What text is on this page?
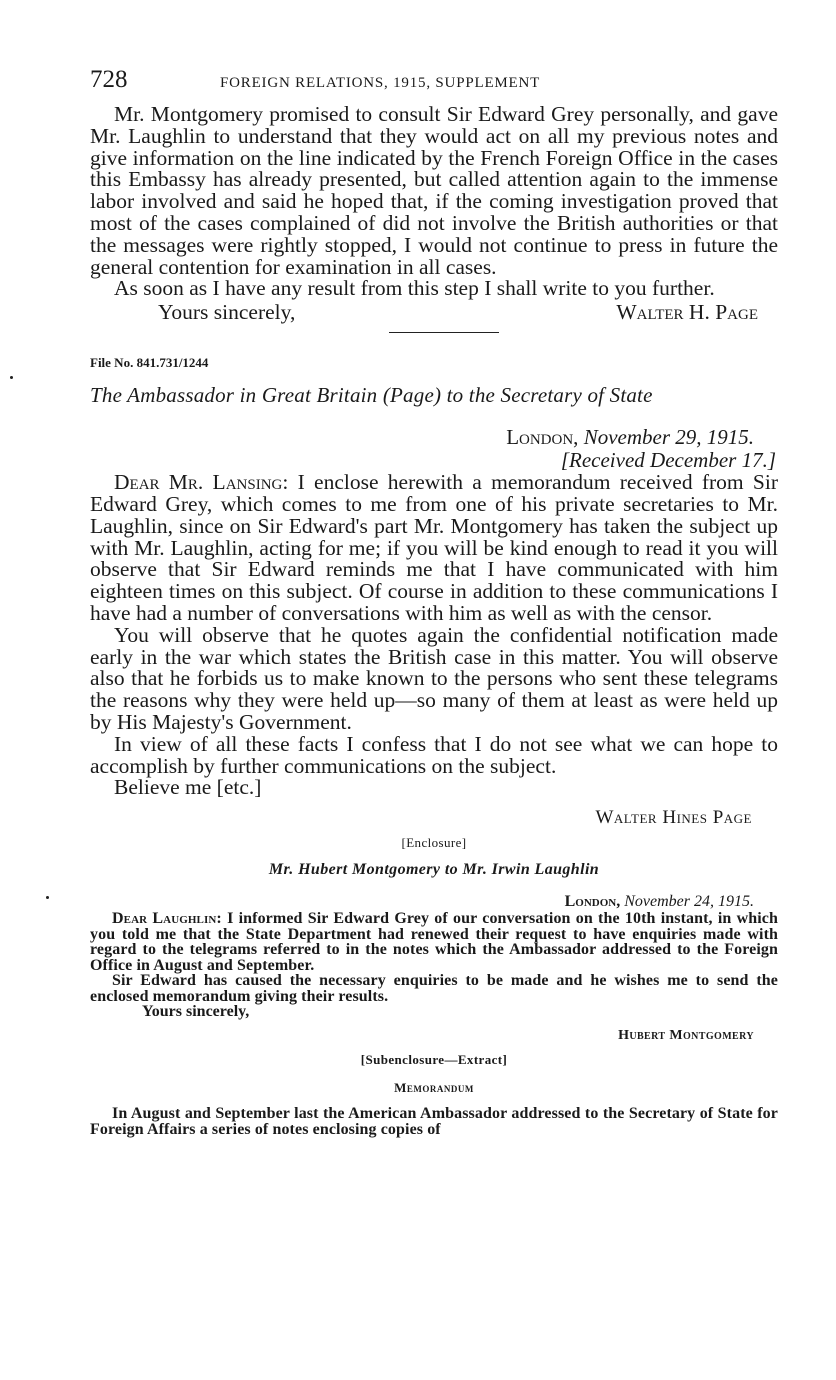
728	FOREIGN RELATIONS, 1915, SUPPLEMENT

Mr. Montgomery promised to consult Sir Edward Grey personally, and gave Mr. Laughlin to understand that they would act on all my previous notes and give information on the line indicated by the French Foreign Office in the cases this Embassy has already presented, but called attention again to the immense labor involved and said he hoped that, if the coming investigation proved that most of the cases complained of did not involve the British authorities or that the messages were rightly stopped, I would not continue to press in future the general contention for examination in all cases.

As soon as I have any result from this step I shall write to you further.

Yours sincerely,	Walter H. Page
File No. 841.731/1244
The Ambassador in Great Britain (Page) to the Secretary of State
London, November 29, 1915.
[Received December 17.]

Dear Mr. Lansing: I enclose herewith a memorandum received from Sir Edward Grey, which comes to me from one of his private secretaries to Mr. Laughlin, since on Sir Edward's part Mr. Montgomery has taken the subject up with Mr. Laughlin, acting for me; if you will be kind enough to read it you will observe that Sir Edward reminds me that I have communicated with him eighteen times on this subject. Of course in addition to these communications I have had a number of conversations with him as well as with the censor.

You will observe that he quotes again the confidential notification made early in the war which states the British case in this matter. You will observe also that he forbids us to make known to the persons who sent these telegrams the reasons why they were held up—so many of them at least as were held up by His Majesty's Government.

In view of all these facts I confess that I do not see what we can hope to accomplish by further communications on the subject.

Believe me [etc.]

Walter Hines Page
[Enclosure]
Mr. Hubert Montgomery to Mr. Irwin Laughlin
London, November 24, 1915.

Dear Laughlin: I informed Sir Edward Grey of our conversation on the 10th instant, in which you told me that the State Department had renewed their request to have enquiries made with regard to the telegrams referred to in the notes which the Ambassador addressed to the Foreign Office in August and September.

Sir Edward has caused the necessary enquiries to be made and he wishes me to send the enclosed memorandum giving their results.

Yours sincerely,
Hubert Montgomery
[Subenclosure—Extract]
Memorandum

In August and September last the American Ambassador addressed to the Secretary of State for Foreign Affairs a series of notes enclosing copies of
